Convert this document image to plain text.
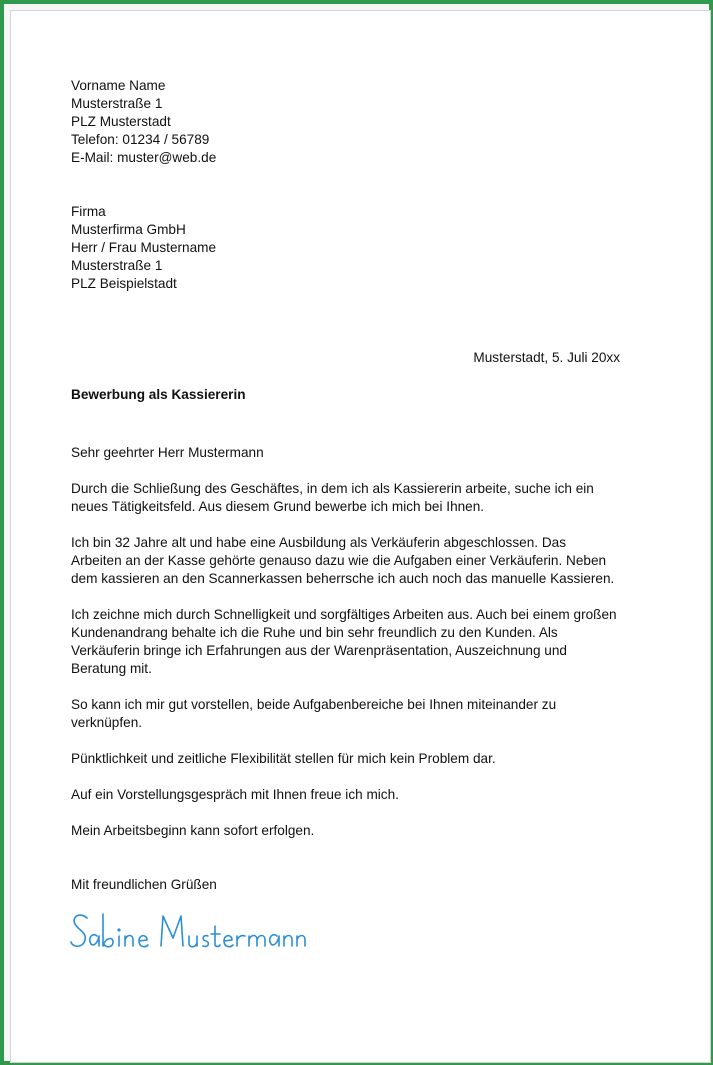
Vorname Name
Musterstraße 1
PLZ Musterstadt
Telefon: 01234 / 56789
E-Mail: muster@web.de
Firma
Musterfirma GmbH
Herr / Frau Mustername
Musterstraße 1
PLZ Beispielstadt
Musterstadt, 5. Juli 20xx
Bewerbung als Kassiererin

Sehr geehrter Herr Mustermann

Durch die Schließung des Geschäftes, in dem ich als Kassiererin arbeite, suche ich ein
neues Tätigkeitsfeld. Aus diesem Grund bewerbe ich mich bei Ihnen.

Ich bin 32 Jahre alt und habe eine Ausbildung als Verkäuferin abgeschlossen. Das
Arbeiten an der Kasse gehörte genauso dazu wie die Aufgaben einer Verkäuferin. Neben
dem kassieren an den Scannerkassen beherrsche ich auch noch das manuelle Kassieren.

Ich zeichne mich durch Schnelligkeit und sorgfältiges Arbeiten aus. Auch bei einem großen
Kundenandrang behalte ich die Ruhe und bin sehr freundlich zu den Kunden. Als
Verkäuferin bringe ich Erfahrungen aus der Warenpräsentation, Auszeichnung und
Beratung mit.

So kann ich mir gut vorstellen, beide Aufgabenbereiche bei Ihnen miteinander zu
verknüpfen.

Pünktlichkeit und zeitliche Flexibilität stellen für mich kein Problem dar.

Auf ein Vorstellungsgespräch mit Ihnen freue ich mich.

Mein Arbeitsbeginn kann sofort erfolgen.

Mit freundlichen Grüßen
